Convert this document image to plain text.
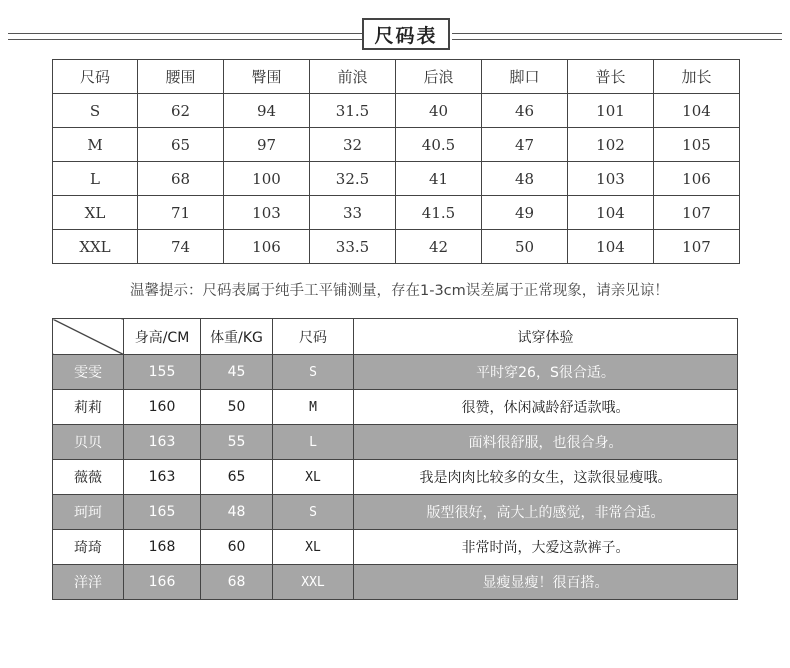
尺码表
尺码	腰围	臀围	前浪	后浪	脚口	普长	加长
S	62	94	31.5	40	46	101	104
M	65	97	32	40.5	47	102	105
L	68	100	32.5	41	48	103	106
XL	71	103	33	41.5	49	104	107
XXL	74	106	33.5	42	50	104	107
温馨提示：尺码表属于纯手工平铺测量，存在1-3cm误差属于正常现象，请亲见谅！
	身高/CM	体重/KG	尺码	试穿体验
雯雯	155	45	S	平时穿26，S很合适。
莉莉	160	50	M	很赞，休闲减龄舒适款哦。
贝贝	163	55	L	面料很舒服，也很合身。
薇薇	163	65	XL	我是肉肉比较多的女生，这款很显瘦哦。
珂珂	165	48	S	版型很好，高大上的感觉，非常合适。
琦琦	168	60	XL	非常时尚，大爱这款裤子。
洋洋	166	68	XXL	显瘦显瘦！很百搭。
